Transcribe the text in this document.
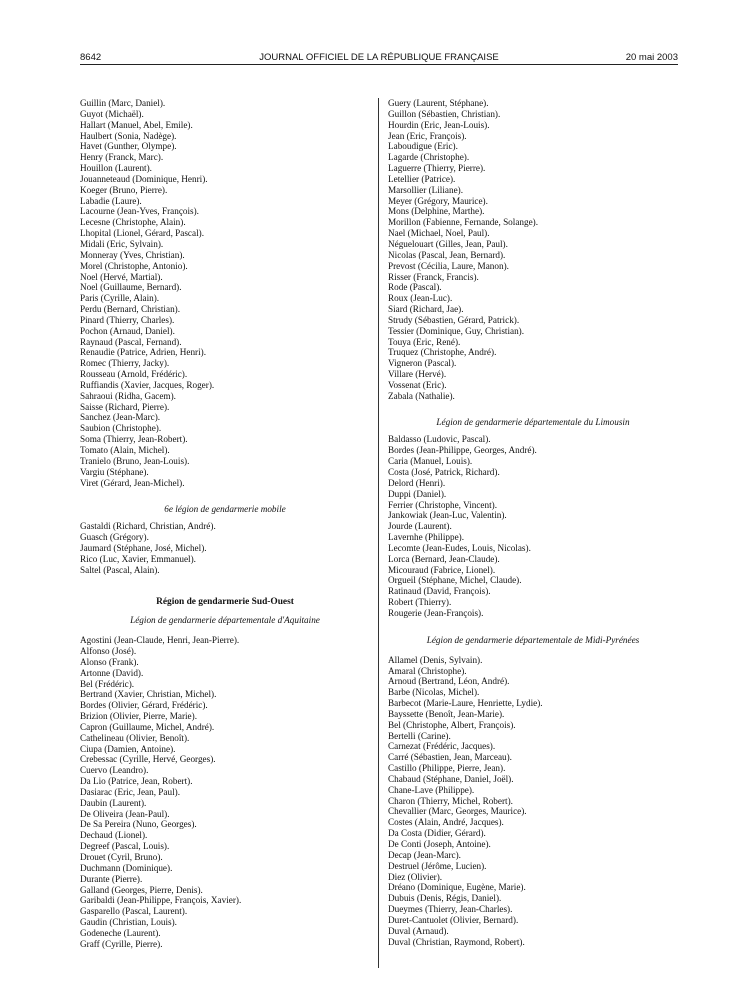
8642	JOURNAL OFFICIEL DE LA RÉPUBLIQUE FRANÇAISE	20 mai 2003
Guillin (Marc, Daniel).
Guyot (Michaël).
Hallart (Manuel, Abel, Emile).
Haulbert (Sonia, Nadège).
Havet (Gunther, Olympe).
Henry (Franck, Marc).
Houillon (Laurent).
Jouanneteaud (Dominique, Henri).
Koeger (Bruno, Pierre).
Labadie (Laure).
Lacourne (Jean-Yves, François).
Lecesne (Christophe, Alain).
Lhopital (Lionel, Gérard, Pascal).
Midali (Eric, Sylvain).
Monneray (Yves, Christian).
Morel (Christophe, Antonio).
Noel (Hervé, Martial).
Noel (Guillaume, Bernard).
Paris (Cyrille, Alain).
Perdu (Bernard, Christian).
Pinard (Thierry, Charles).
Pochon (Arnaud, Daniel).
Raynaud (Pascal, Fernand).
Renaudie (Patrice, Adrien, Henri).
Romec (Thierry, Jacky).
Rousseau (Arnold, Frédéric).
Ruffiandis (Xavier, Jacques, Roger).
Sahraoui (Ridha, Gacem).
Saisse (Richard, Pierre).
Sanchez (Jean-Marc).
Saubion (Christophe).
Soma (Thierry, Jean-Robert).
Tomato (Alain, Michel).
Tranielo (Bruno, Jean-Louis).
Vargiu (Stéphane).
Viret (Gérard, Jean-Michel).
6e légion de gendarmerie mobile
Gastaldi (Richard, Christian, André).
Guasch (Grégory).
Jaumard (Stéphane, José, Michel).
Rico (Luc, Xavier, Emmanuel).
Saltel (Pascal, Alain).
Région de gendarmerie Sud-Ouest
Légion de gendarmerie départementale d'Aquitaine
Agostini (Jean-Claude, Henri, Jean-Pierre).
Alfonso (José).
Alonso (Frank).
Artonne (David).
Bel (Frédéric).
Bertrand (Xavier, Christian, Michel).
Bordes (Olivier, Gérard, Frédéric).
Brizion (Olivier, Pierre, Marie).
Capron (Guillaume, Michel, André).
Cathelineau (Olivier, Benoît).
Ciupa (Damien, Antoine).
Crebessac (Cyrille, Hervé, Georges).
Cuervo (Leandro).
Da Lio (Patrice, Jean, Robert).
Dasiarac (Eric, Jean, Paul).
Daubin (Laurent).
De Oliveira (Jean-Paul).
De Sa Pereira (Nuno, Georges).
Dechaud (Lionel).
Degreef (Pascal, Louis).
Drouet (Cyril, Bruno).
Duchmann (Dominique).
Durante (Pierre).
Galland (Georges, Pierre, Denis).
Garibaldi (Jean-Philippe, François, Xavier).
Gasparello (Pascal, Laurent).
Gaudin (Christian, Louis).
Godeneche (Laurent).
Graff (Cyrille, Pierre).
Guery (Laurent, Stéphane).
Guillon (Sébastien, Christian).
Hourdin (Eric, Jean-Louis).
Jean (Eric, François).
Laboudigue (Eric).
Lagarde (Christophe).
Laguerre (Thierry, Pierre).
Letellier (Patrice).
Marsollier (Liliane).
Meyer (Grégory, Maurice).
Mons (Delphine, Marthe).
Morillon (Fabienne, Fernande, Solange).
Nael (Michael, Noel, Paul).
Néguelouart (Gilles, Jean, Paul).
Nicolas (Pascal, Jean, Bernard).
Prevost (Cécilia, Laure, Manon).
Risser (Franck, Francis).
Rode (Pascal).
Roux (Jean-Luc).
Siard (Richard, Jae).
Strudy (Sébastien, Gérard, Patrick).
Tessier (Dominique, Guy, Christian).
Touya (Eric, René).
Truquez (Christophe, André).
Vigneron (Pascal).
Villare (Hervé).
Vossenat (Eric).
Zabala (Nathalie).
Légion de gendarmerie départementale du Limousin
Baldasso (Ludovic, Pascal).
Bordes (Jean-Philippe, Georges, André).
Caria (Manuel, Louis).
Costa (José, Patrick, Richard).
Delord (Henri).
Duppi (Daniel).
Ferrier (Christophe, Vincent).
Jankowiak (Jean-Luc, Valentin).
Jourde (Laurent).
Lavernhe (Philippe).
Lecomte (Jean-Eudes, Louis, Nicolas).
Lorca (Bernard, Jean-Claude).
Micouraud (Fabrice, Lionel).
Orgueil (Stéphane, Michel, Claude).
Ratinaud (David, François).
Robert (Thierry).
Rougerie (Jean-François).
Légion de gendarmerie départementale de Midi-Pyrénées
Allamel (Denis, Sylvain).
Amaral (Christophe).
Arnoud (Bertrand, Léon, André).
Barbe (Nicolas, Michel).
Barbecot (Marie-Laure, Henriette, Lydie).
Bayssette (Benoît, Jean-Marie).
Bel (Christophe, Albert, François).
Bertelli (Carine).
Carnezat (Frédéric, Jacques).
Carré (Sébastien, Jean, Marceau).
Castillo (Philippe, Pierre, Jean).
Chabaud (Stéphane, Daniel, Joël).
Chane-Lave (Philippe).
Charon (Thierry, Michel, Robert).
Chevallier (Marc, Georges, Maurice).
Costes (Alain, André, Jacques).
Da Costa (Didier, Gérard).
De Conti (Joseph, Antoine).
Decap (Jean-Marc).
Destruel (Jérôme, Lucien).
Diez (Olivier).
Dréano (Dominique, Eugène, Marie).
Dubuis (Denis, Régis, Daniel).
Dueymes (Thierry, Jean-Charles).
Duret-Cantuolet (Olivier, Bernard).
Duval (Arnaud).
Duval (Christian, Raymond, Robert).
